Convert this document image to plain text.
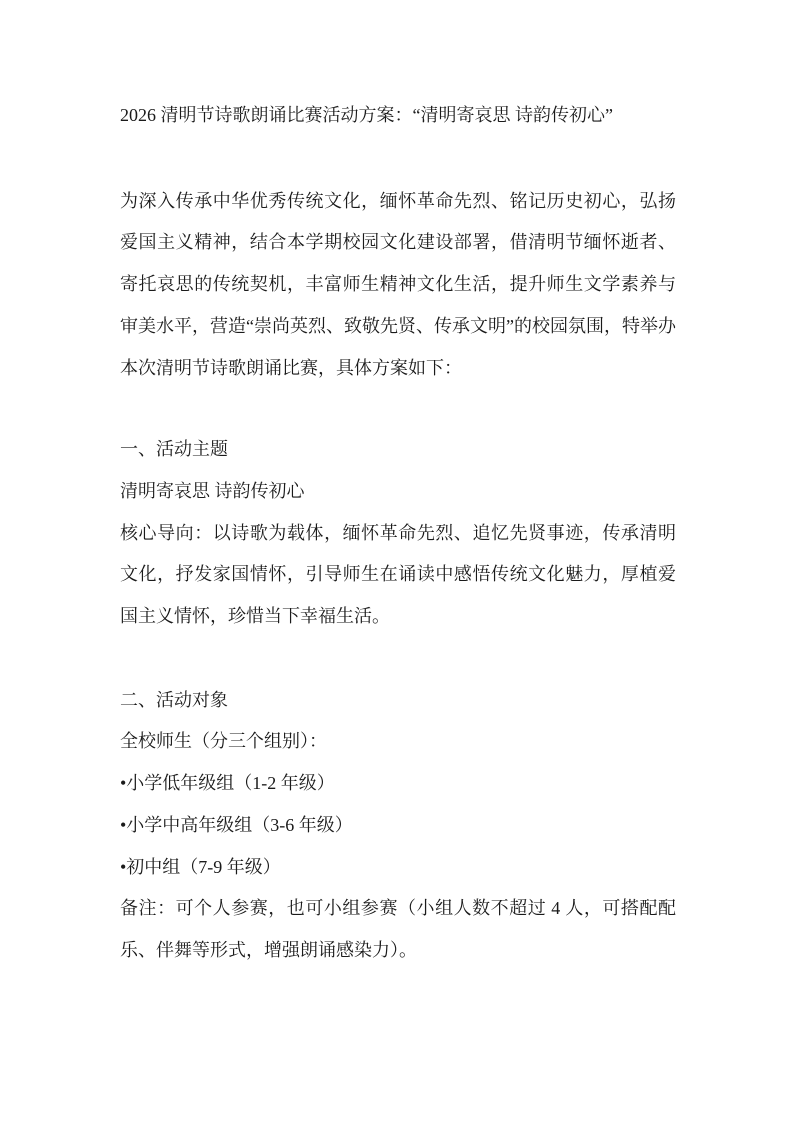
2026 清明节诗歌朗诵比赛活动方案：“清明寄哀思 诗韵传初心”

为深入传承中华优秀传统文化，缅怀革命先烈、铭记历史初心，弘扬爱国主义精神，结合本学期校园文化建设部署，借清明节缅怀逝者、寄托哀思的传统契机，丰富师生精神文化生活，提升师生文学素养与审美水平，营造“崇尚英烈、致敬先贤、传承文明”的校园氛围，特举办本次清明节诗歌朗诵比赛，具体方案如下：

一、活动主题

清明寄哀思 诗韵传初心

核心导向：以诗歌为载体，缅怀革命先烈、追忆先贤事迹，传承清明文化，抒发家国情怀，引导师生在诵读中感悟传统文化魅力，厚植爱国主义情怀，珍惜当下幸福生活。

二、活动对象

全校师生（分三个组别）：

•小学低年级组（1-2 年级）

•小学中高年级组（3-6 年级）

•初中组（7-9 年级）

备注：可个人参赛，也可小组参赛（小组人数不超过 4 人，可搭配配乐、伴舞等形式，增强朗诵感染力）。
